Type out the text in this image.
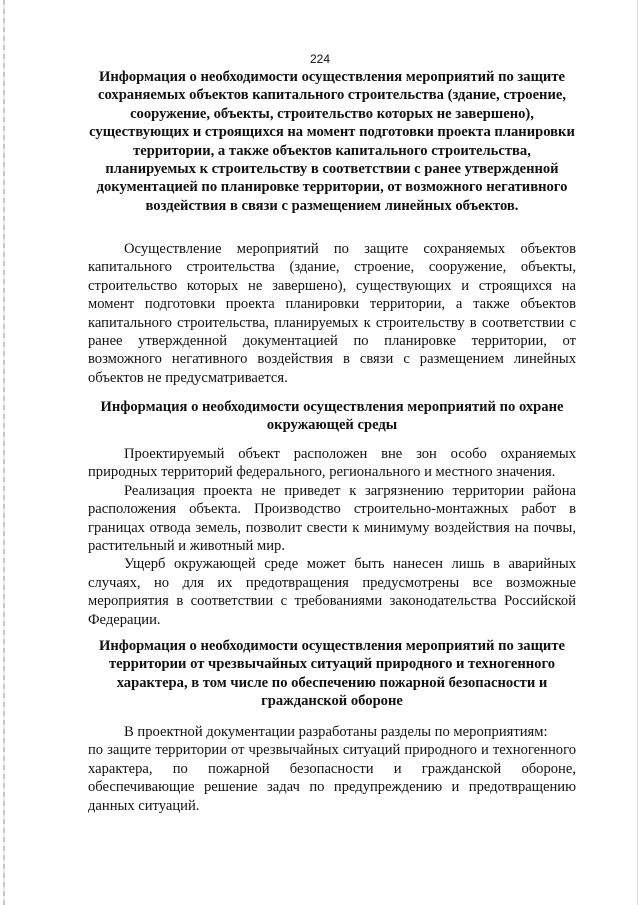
224

Информация о необходимости осуществления мероприятий по защите сохраняемых объектов капитального строительства (здание, строение, сооружение, объекты, строительство которых не завершено), существующих и строящихся на момент подготовки проекта планировки территории, а также объектов капитального строительства, планируемых к строительству в соответствии с ранее утвержденной документацией по планировке территории, от возможного негативного воздействия в связи с размещением линейных объектов.

Осуществление мероприятий по защите сохраняемых объектов капитального строительства (здание, строение, сооружение, объекты, строительство которых не завершено), существующих и строящихся на момент подготовки проекта планировки территории, а также объектов капитального строительства, планируемых к строительству в соответствии с ранее утвержденной документацией по планировке территории, от возможного негативного воздействия в связи с размещением линейных объектов не предусматривается.

Информация о необходимости осуществления мероприятий по охране окружающей среды

Проектируемый объект расположен вне зон особо охраняемых природных территорий федерального, регионального и местного значения.

Реализация проекта не приведет к загрязнению территории района расположения объекта. Производство строительно-монтажных работ в границах отвода земель, позволит свести к минимуму воздействия на почвы, растительный и животный мир.

Ущерб окружающей среде может быть нанесен лишь в аварийных случаях, но для их предотвращения предусмотрены все возможные мероприятия в соответствии с требованиями законодательства Российской Федерации.

Информация о необходимости осуществления мероприятий по защите территории от чрезвычайных ситуаций природного и техногенного характера, в том числе по обеспечению пожарной безопасности и гражданской обороне

В проектной документации разработаны разделы по мероприятиям:

по защите территории от чрезвычайных ситуаций природного и техногенного характера, по пожарной безопасности и гражданской обороне, обеспечивающие решение задач по предупреждению и предотвращению данных ситуаций.
